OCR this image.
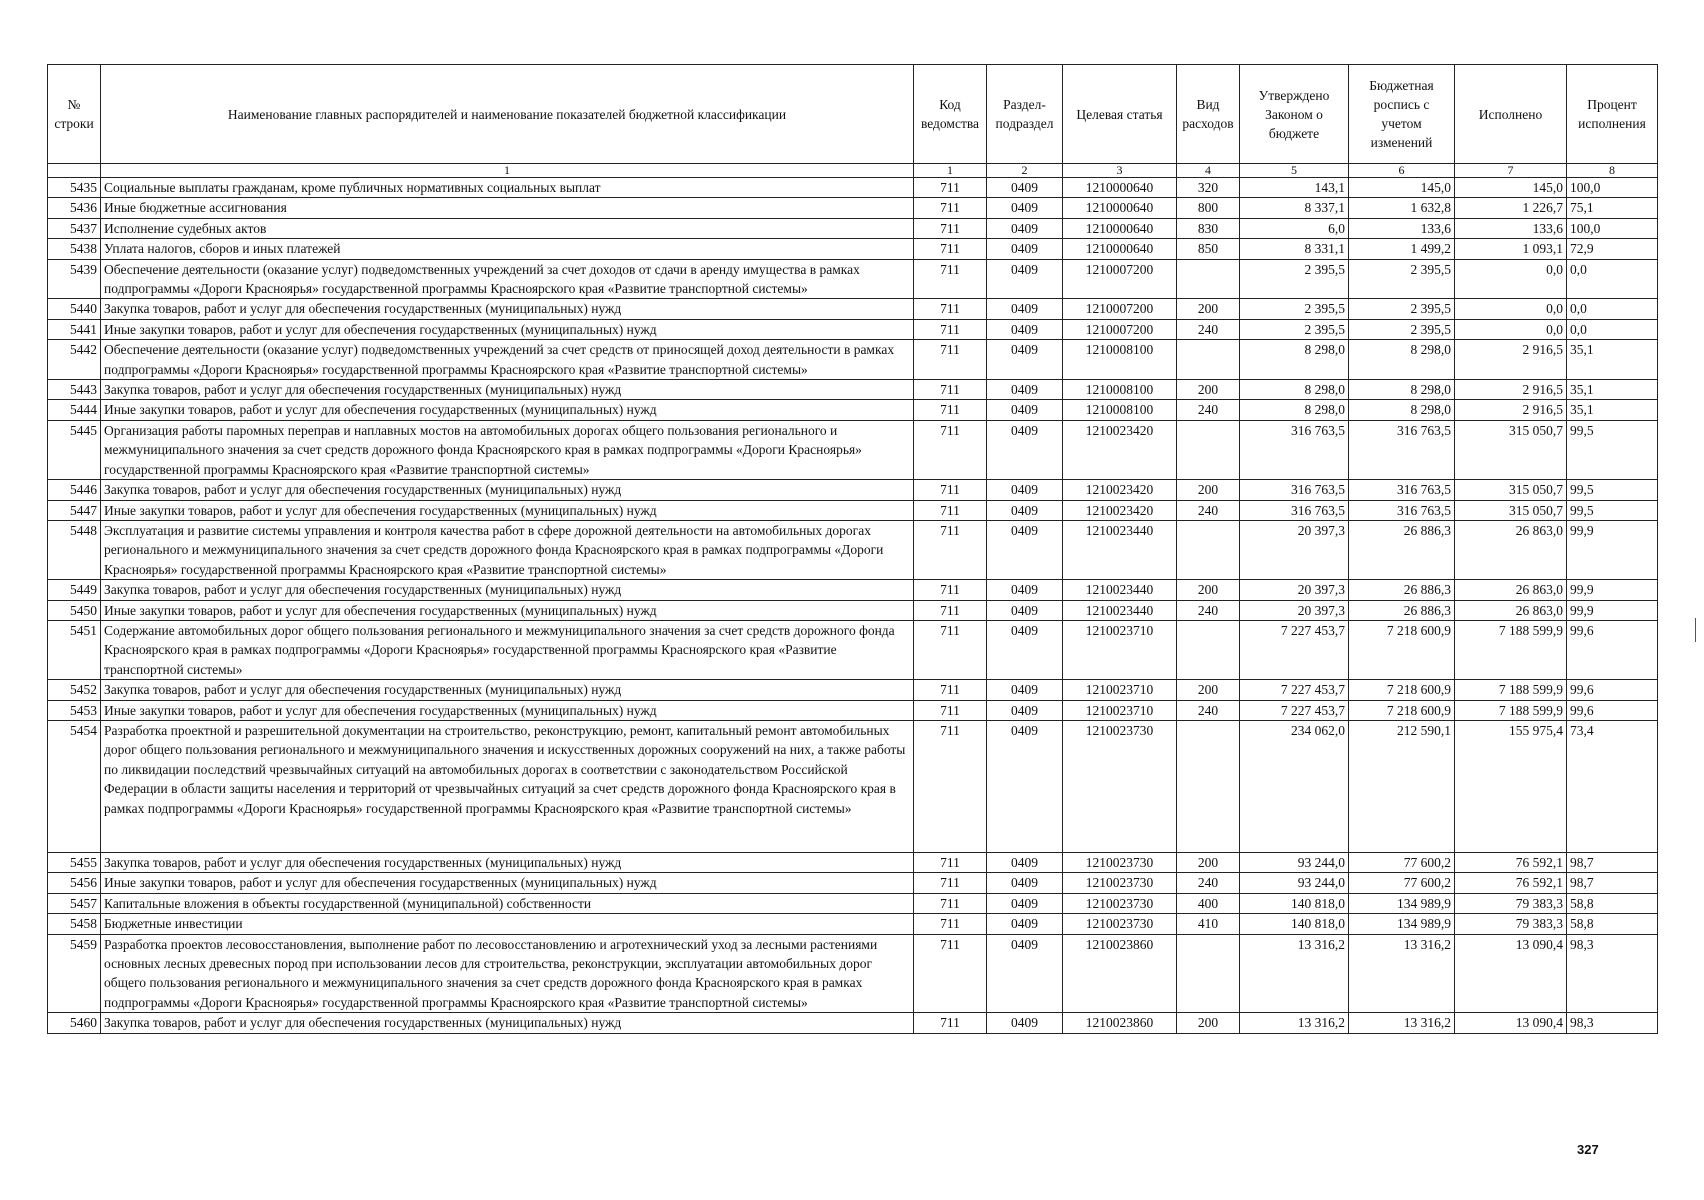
№ строки	Наименование главных распорядителей и наименование показателей бюджетной классификации	Код ведомства	Раздел-подраздел	Целевая статья	Вид расходов	Утверждено Законом о бюджете	Бюджетная роспись с учетом изменений	Исполнено	Процент исполнения
	1	1	2	3	4	5	6	7	8
5435	Социальные выплаты гражданам, кроме публичных нормативных социальных выплат	711	0409	1210000640	320	143,1	145,0	145,0	100,0
5436	Иные бюджетные ассигнования	711	0409	1210000640	800	8 337,1	1 632,8	1 226,7	75,1
5437	Исполнение судебных актов	711	0409	1210000640	830	6,0	133,6	133,6	100,0
5438	Уплата налогов, сборов и иных платежей	711	0409	1210000640	850	8 331,1	1 499,2	1 093,1	72,9
5439	Обеспечение деятельности (оказание услуг) подведомственных учреждений за счет доходов от сдачи в аренду имущества в рамках подпрограммы «Дороги Красноярья» государственной программы Красноярского края «Развитие транспортной системы»	711	0409	1210007200		2 395,5	2 395,5	0,0	0,0
5440	Закупка товаров, работ и услуг для обеспечения государственных (муниципальных) нужд	711	0409	1210007200	200	2 395,5	2 395,5	0,0	0,0
5441	Иные закупки товаров, работ и услуг для обеспечения государственных (муниципальных) нужд	711	0409	1210007200	240	2 395,5	2 395,5	0,0	0,0
5442	Обеспечение деятельности (оказание услуг) подведомственных учреждений за счет средств от приносящей доход деятельности в рамках подпрограммы «Дороги Красноярья» государственной программы Красноярского края «Развитие транспортной системы»	711	0409	1210008100		8 298,0	8 298,0	2 916,5	35,1
5443	Закупка товаров, работ и услуг для обеспечения государственных (муниципальных) нужд	711	0409	1210008100	200	8 298,0	8 298,0	2 916,5	35,1
5444	Иные закупки товаров, работ и услуг для обеспечения государственных (муниципальных) нужд	711	0409	1210008100	240	8 298,0	8 298,0	2 916,5	35,1
5445	Организация работы паромных переправ и наплавных мостов на автомобильных дорогах общего пользования регионального и межмуниципального значения за счет средств дорожного фонда Красноярского края в рамках подпрограммы «Дороги Красноярья» государственной программы Красноярского края «Развитие транспортной системы»	711	0409	1210023420		316 763,5	316 763,5	315 050,7	99,5
5446	Закупка товаров, работ и услуг для обеспечения государственных (муниципальных) нужд	711	0409	1210023420	200	316 763,5	316 763,5	315 050,7	99,5
5447	Иные закупки товаров, работ и услуг для обеспечения государственных (муниципальных) нужд	711	0409	1210023420	240	316 763,5	316 763,5	315 050,7	99,5
5448	Эксплуатация и развитие системы управления и контроля качества работ в сфере дорожной деятельности на автомобильных дорогах регионального и межмуниципального значения за счет средств дорожного фонда Красноярского края в рамках подпрограммы «Дороги Красноярья» государственной программы Красноярского края «Развитие транспортной системы»	711	0409	1210023440		20 397,3	26 886,3	26 863,0	99,9
5449	Закупка товаров, работ и услуг для обеспечения государственных (муниципальных) нужд	711	0409	1210023440	200	20 397,3	26 886,3	26 863,0	99,9
5450	Иные закупки товаров, работ и услуг для обеспечения государственных (муниципальных) нужд	711	0409	1210023440	240	20 397,3	26 886,3	26 863,0	99,9
5451	Содержание автомобильных дорог общего пользования регионального и межмуниципального значения за счет средств дорожного фонда Красноярского края в рамках подпрограммы «Дороги Красноярья» государственной программы Красноярского края «Развитие транспортной системы»	711	0409	1210023710		7 227 453,7	7 218 600,9	7 188 599,9	99,6
5452	Закупка товаров, работ и услуг для обеспечения государственных (муниципальных) нужд	711	0409	1210023710	200	7 227 453,7	7 218 600,9	7 188 599,9	99,6
5453	Иные закупки товаров, работ и услуг для обеспечения государственных (муниципальных) нужд	711	0409	1210023710	240	7 227 453,7	7 218 600,9	7 188 599,9	99,6
5454	Разработка проектной и разрешительной документации на строительство, реконструкцию, ремонт, капитальный ремонт автомобильных дорог общего пользования регионального и межмуниципального значения и искусственных дорожных сооружений на них, а также работы по ликвидации последствий чрезвычайных ситуаций на автомобильных дорогах в соответствии с законодательством Российской Федерации в области защиты населения и территорий от чрезвычайных ситуаций за счет средств дорожного фонда Красноярского края в рамках подпрограммы «Дороги Красноярья» государственной программы Красноярского края «Развитие транспортной системы»	711	0409	1210023730		234 062,0	212 590,1	155 975,4	73,4
5455	Закупка товаров, работ и услуг для обеспечения государственных (муниципальных) нужд	711	0409	1210023730	200	93 244,0	77 600,2	76 592,1	98,7
5456	Иные закупки товаров, работ и услуг для обеспечения государственных (муниципальных) нужд	711	0409	1210023730	240	93 244,0	77 600,2	76 592,1	98,7
5457	Капитальные вложения в объекты государственной (муниципальной) собственности	711	0409	1210023730	400	140 818,0	134 989,9	79 383,3	58,8
5458	Бюджетные инвестиции	711	0409	1210023730	410	140 818,0	134 989,9	79 383,3	58,8
5459	Разработка проектов лесовосстановления, выполнение работ по лесовосстановлению и агротехнический уход за лесными растениями основных лесных древесных пород при использовании лесов для строительства, реконструкции, эксплуатации автомобильных дорог общего пользования регионального и межмуниципального значения за счет средств дорожного фонда Красноярского края в рамках подпрограммы «Дороги Красноярья» государственной программы Красноярского края «Развитие транспортной системы»	711	0409	1210023860		13 316,2	13 316,2	13 090,4	98,3
5460	Закупка товаров, работ и услуг для обеспечения государственных (муниципальных) нужд	711	0409	1210023860	200	13 316,2	13 316,2	13 090,4	98,3
327
